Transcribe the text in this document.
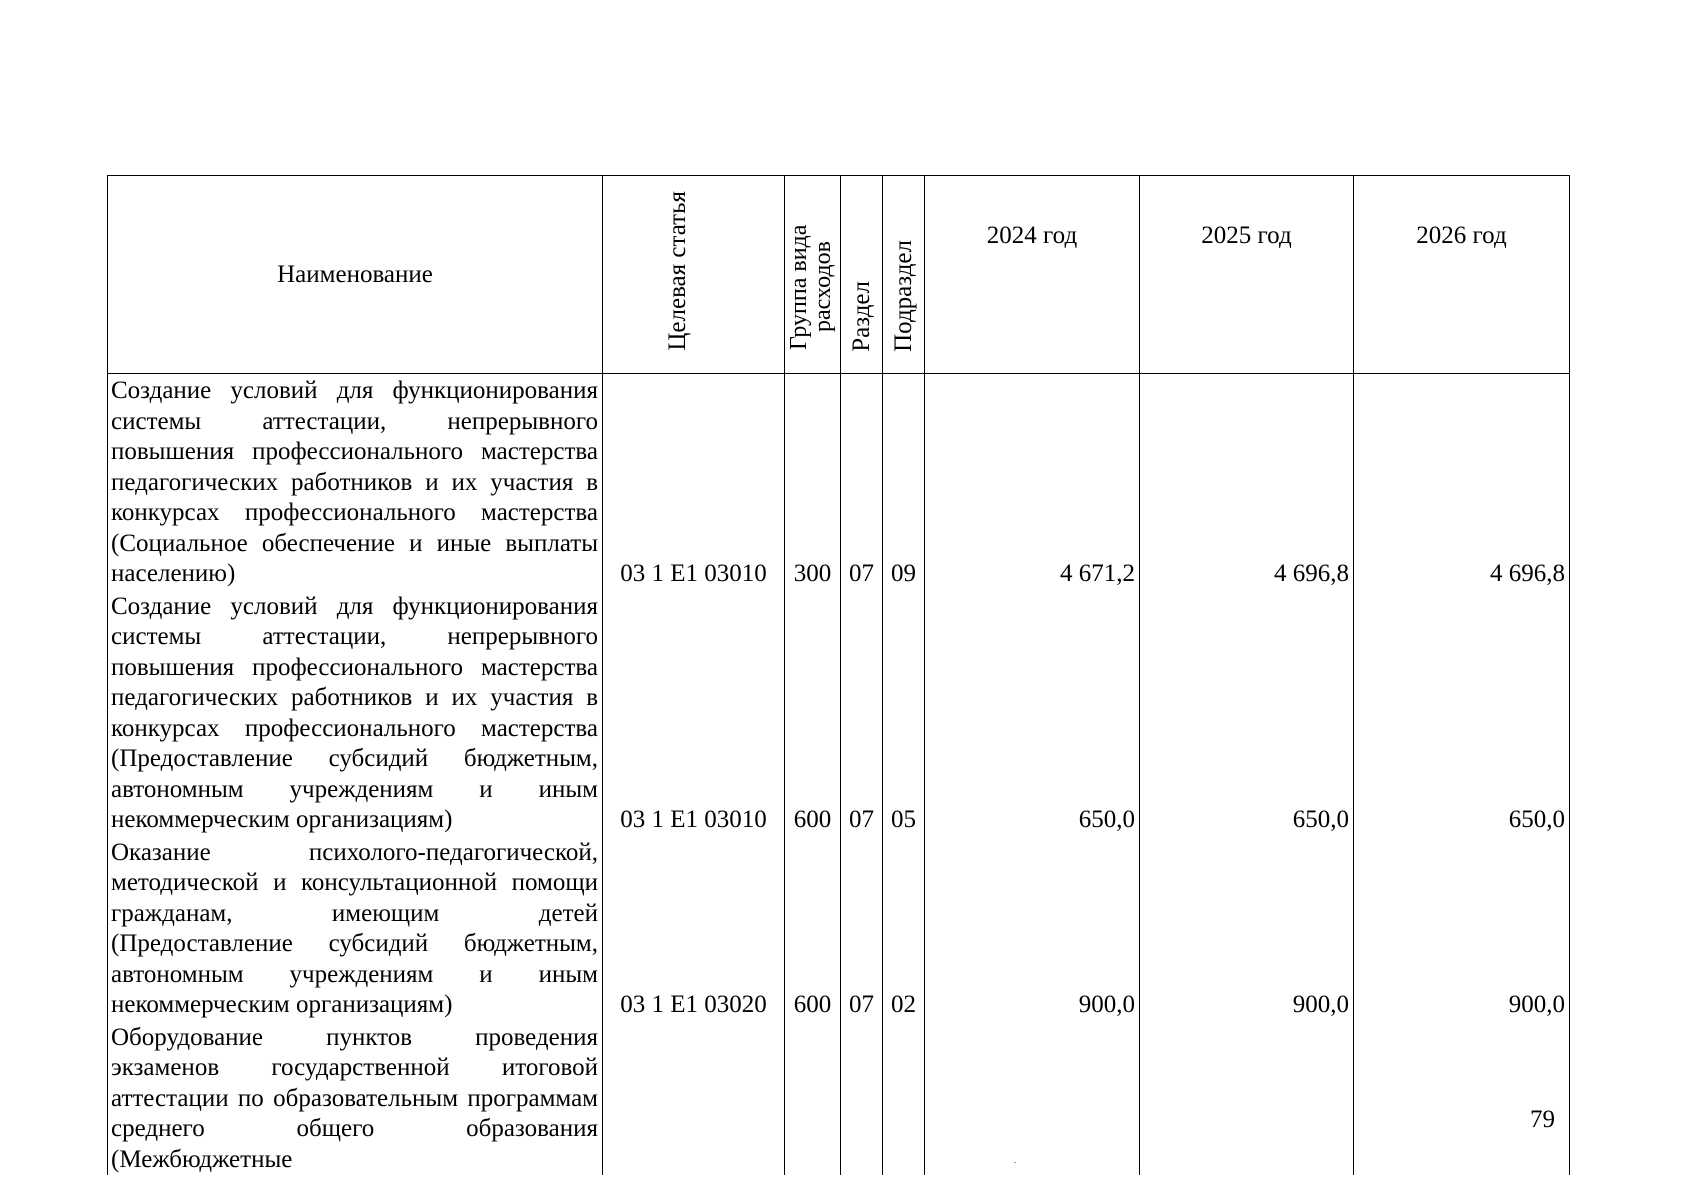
Наименование	Целевая статья	Группа вида расходов	Раздел	Подраздел	2024 год	2025 год	2026 год
Создание условий для функционирования системы аттестации, непрерывного повышения профессионального мастерства педагогических работников и их участия в конкурсах профессионального мастерства (Социальное обеспечение и иные выплаты населению)	03 1 E1 03010	300	07	09	4 671,2	4 696,8	4 696,8
Создание условий для функционирования системы аттестации, непрерывного повышения профессионального мастерства педагогических работников и их участия в конкурсах профессионального мастерства (Предоставление субсидий бюджетным, автономным учреждениям и иным некоммерческим организациям)	03 1 E1 03010	600	07	05	650,0	650,0	650,0
Оказание психолого-педагогической, методической и консультационной помощи гражданам, имеющим детей (Предоставление субсидий бюджетным, автономным учреждениям и иным некоммерческим организациям)	03 1 E1 03020	600	07	02	900,0	900,0	900,0
Оборудование пунктов проведения экзаменов государственной итоговой аттестации по образовательным программам среднего общего образования (Межбюджетные							
79
